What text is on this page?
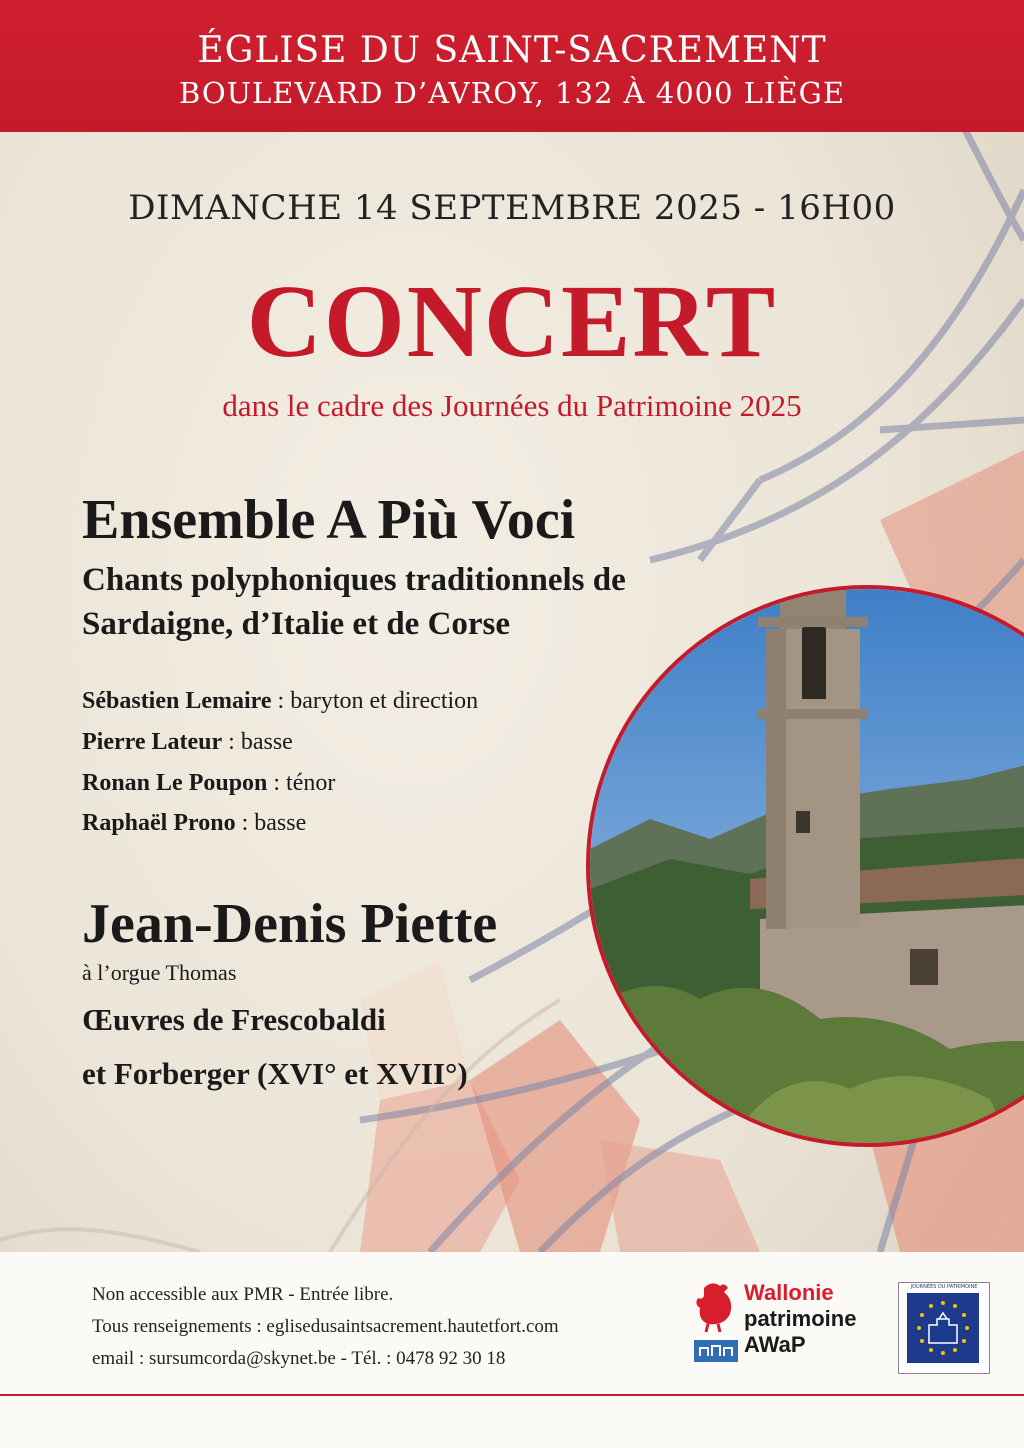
ÉGLISE DU SAINT-SACREMENT
BOULEVARD D’AVROY, 132 À 4000 LIÈGE
DIMANCHE 14 SEPTEMBRE 2025 - 16H00
CONCERT
dans le cadre des Journées du Patrimoine 2025
Ensemble A Più Voci
Chants polyphoniques traditionnels de
Sardaigne, d’Italie et de Corse
Sébastien Lemaire : baryton et direction
Pierre Lateur : basse
Ronan Le Poupon : ténor
Raphaël Prono : basse
Jean-Denis Piette
à l’orgue Thomas
Œuvres de Frescobaldi
et Forberger (XVI° et XVII°)
Non accessible aux PMR - Entrée libre.
Tous renseignements : eglisedusaintsacrement.hautetfort.com
email : sursumcorda@skynet.be - Tél. : 0478 92 30 18
Wallonie
patrimoine
AWaP
JOURNÉES DU PATRIMOINE
